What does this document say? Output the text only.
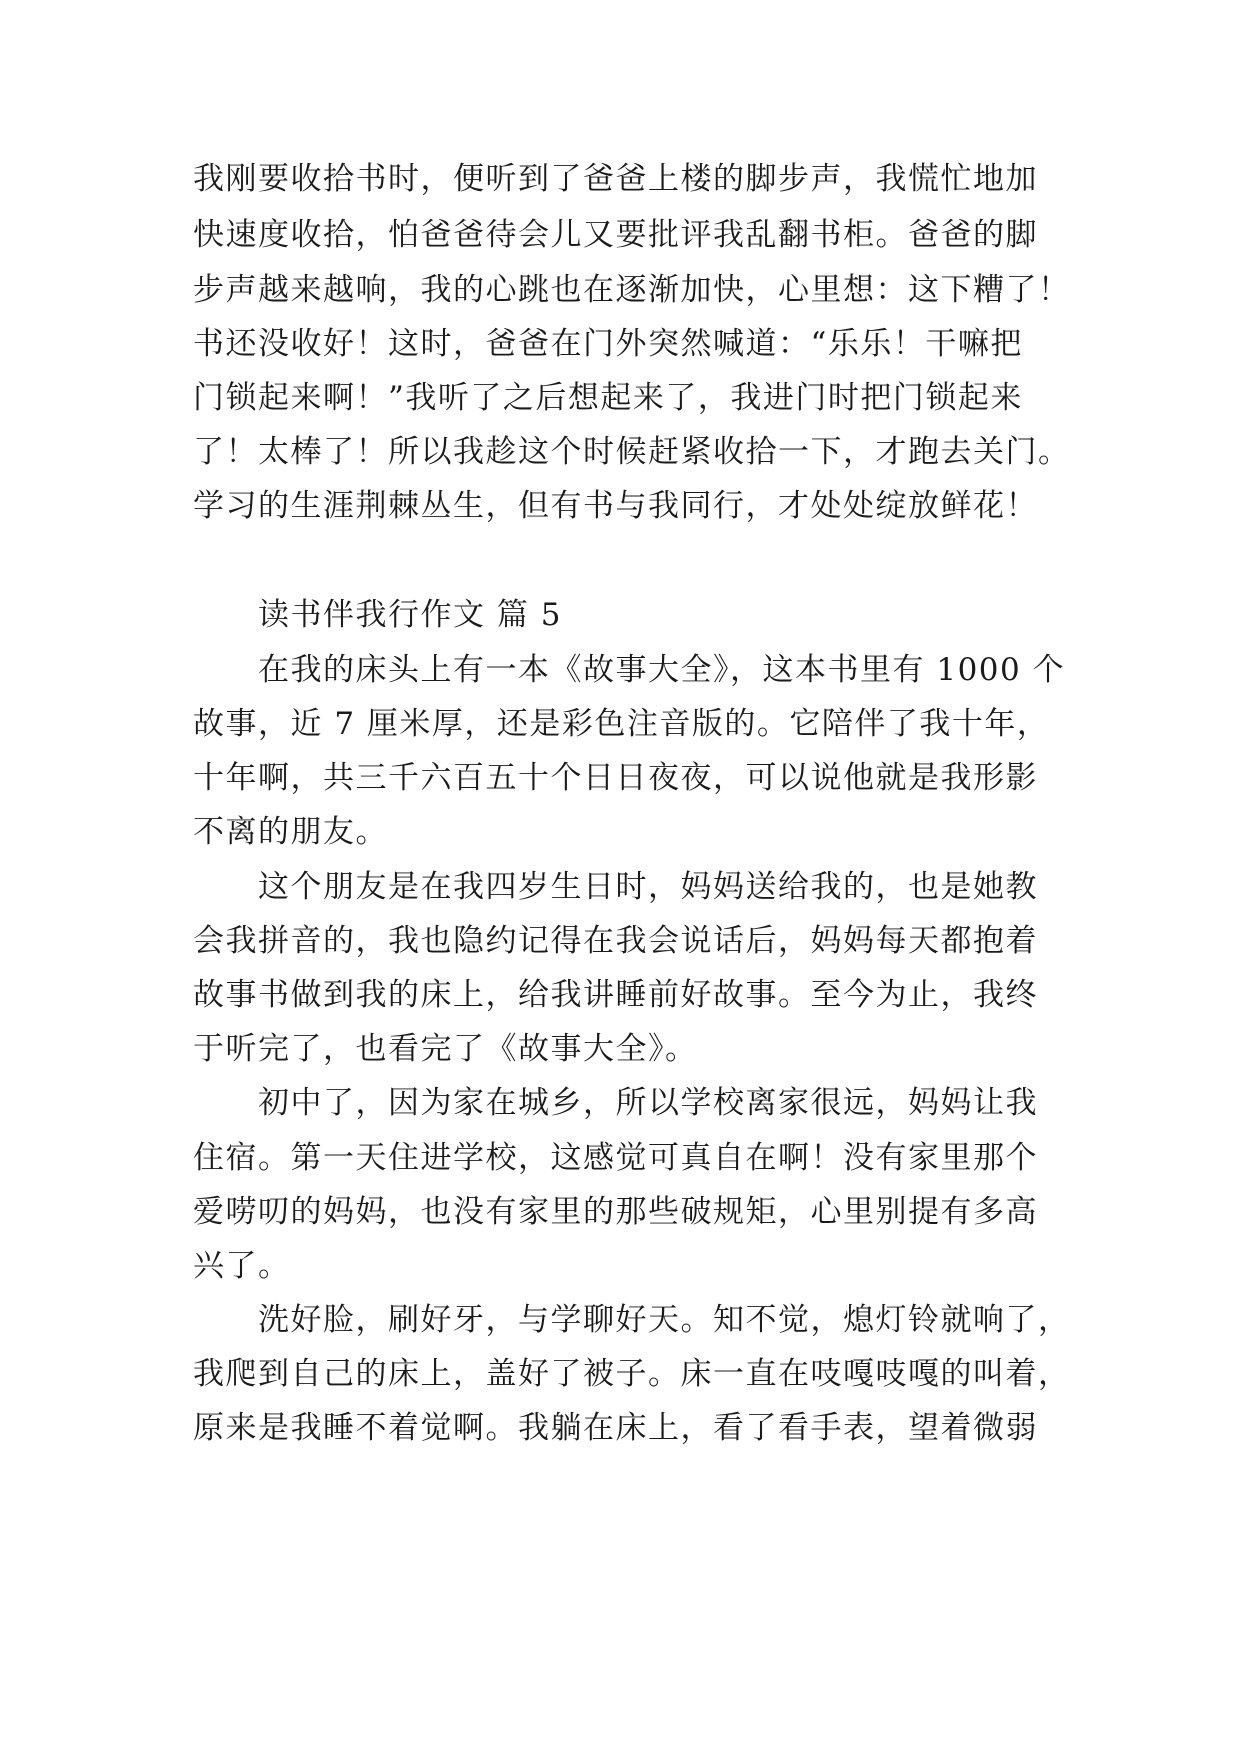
我刚要收拾书时，便听到了爸爸上楼的脚步声，我慌忙地加

快速度收拾，怕爸爸待会儿又要批评我乱翻书柜。爸爸的脚

步声越来越响，我的心跳也在逐渐加快，心里想：这下糟了！

书还没收好！这时，爸爸在门外突然喊道：“乐乐！干嘛把

门锁起来啊！”我听了之后想起来了，我进门时把门锁起来

了！太棒了！所以我趁这个时候赶紧收拾一下，才跑去关门。

学习的生涯荆棘丛生，但有书与我同行，才处处绽放鲜花！

读书伴我行作文 篇 5

在我的床头上有一本《故事大全》，这本书里有 1000 个

故事，近 7 厘米厚，还是彩色注音版的。它陪伴了我十年，

十年啊，共三千六百五十个日日夜夜，可以说他就是我形影

不离的朋友。

这个朋友是在我四岁生日时，妈妈送给我的，也是她教

会我拼音的，我也隐约记得在我会说话后，妈妈每天都抱着

故事书做到我的床上，给我讲睡前好故事。至今为止，我终

于听完了，也看完了《故事大全》。

初中了，因为家在城乡，所以学校离家很远，妈妈让我

住宿。第一天住进学校，这感觉可真自在啊！没有家里那个

爱唠叨的妈妈，也没有家里的那些破规矩，心里别提有多高

兴了。

洗好脸，刷好牙，与学聊好天。知不觉，熄灯铃就响了，

我爬到自己的床上，盖好了被子。床一直在吱嘎吱嘎的叫着，

原来是我睡不着觉啊。我躺在床上，看了看手表，望着微弱
